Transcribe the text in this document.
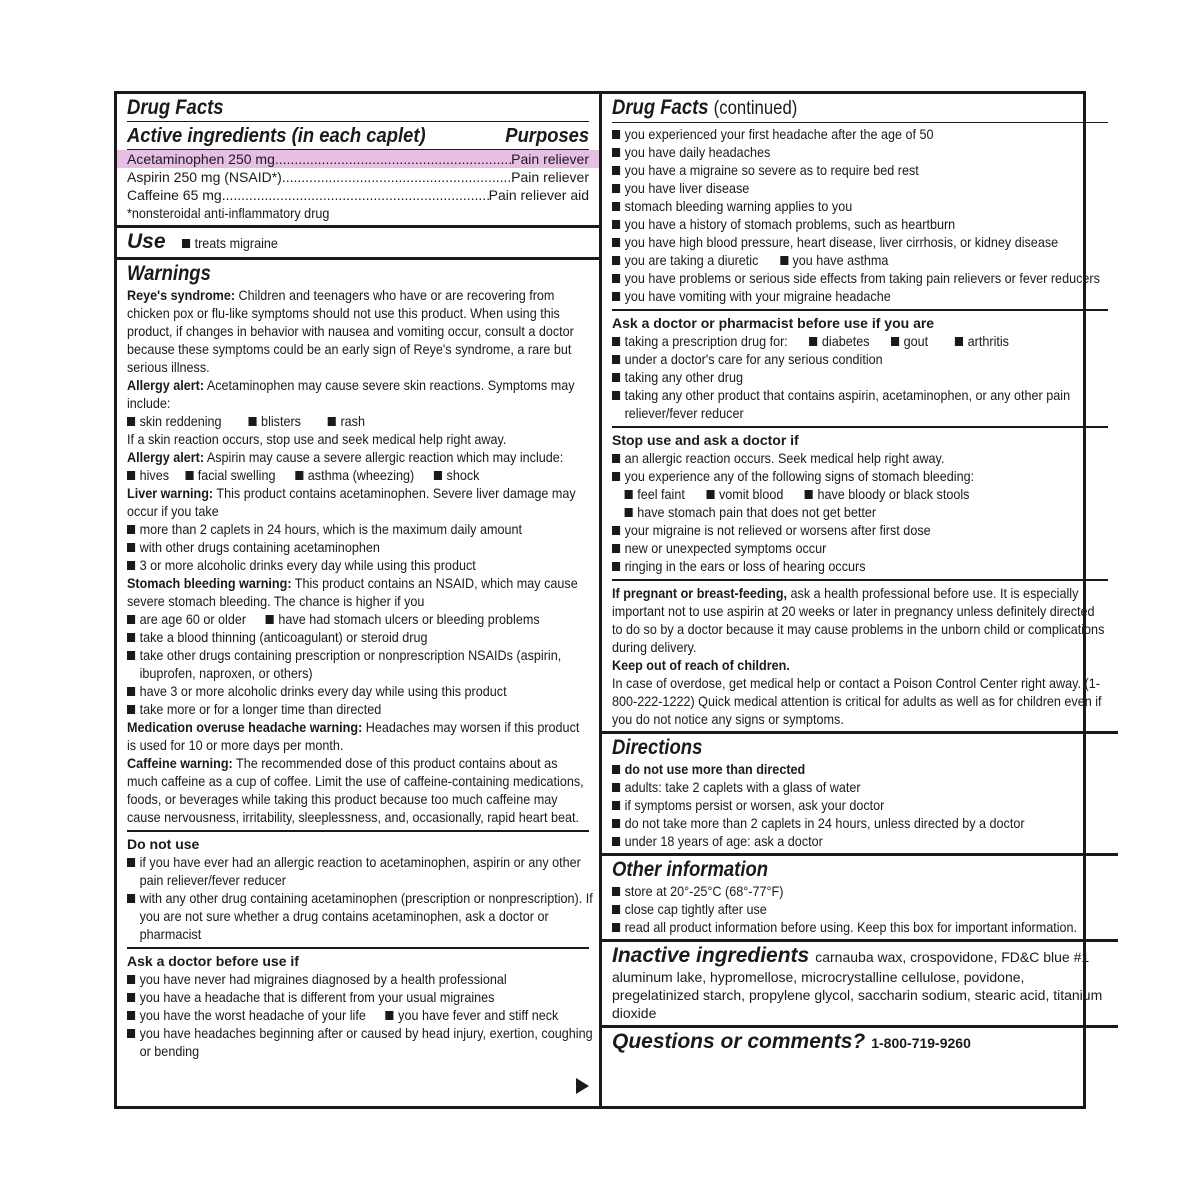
Drug Facts
Active ingredients (in each caplet)	Purposes
Acetaminophen 250 mg .....	Pain reliever
Aspirin 250 mg (NSAID*) .....	Pain reliever
Caffeine 65 mg .....	Pain reliever aid
*nonsteroidal anti-inflammatory drug
Use	treats migraine
Warnings
Reye's syndrome: Children and teenagers who have or are recovering from chicken pox or flu-like symptoms should not use this product. When using this product, if changes in behavior with nausea and vomiting occur, consult a doctor because these symptoms could be an early sign of Reye's syndrome, a rare but serious illness.
Allergy alert: Acetaminophen may cause severe skin reactions. Symptoms may include:
skin reddening	blisters	rash
If a skin reaction occurs, stop use and seek medical help right away.
Allergy alert: Aspirin may cause a severe allergic reaction which may include:
hives facial swelling asthma (wheezing) shock
Liver warning: This product contains acetaminophen. Severe liver damage may occur if you take
more than 2 caplets in 24 hours, which is the maximum daily amount
with other drugs containing acetaminophen
3 or more alcoholic drinks every day while using this product
Stomach bleeding warning: This product contains an NSAID, which may cause severe stomach bleeding. The chance is higher if you
are age 60 or older have had stomach ulcers or bleeding problems
take a blood thinning (anticoagulant) or steroid drug
take other drugs containing prescription or nonprescription NSAIDs (aspirin, ibuprofen, naproxen, or others)
have 3 or more alcoholic drinks every day while using this product
take more or for a longer time than directed
Medication overuse headache warning: Headaches may worsen if this product is used for 10 or more days per month.
Caffeine warning: The recommended dose of this product contains about as much caffeine as a cup of coffee. Limit the use of caffeine-containing medications, foods, or beverages while taking this product because too much caffeine may cause nervousness, irritability, sleeplessness, and, occasionally, rapid heart beat.
Do not use
if you have ever had an allergic reaction to acetaminophen, aspirin or any other pain reliever/fever reducer
with any other drug containing acetaminophen (prescription or nonprescription). If you are not sure whether a drug contains acetaminophen, ask a doctor or pharmacist
Ask a doctor before use if
you have never had migraines diagnosed by a health professional
you have a headache that is different from your usual migraines
you have the worst headache of your life you have fever and stiff neck
you have headaches beginning after or caused by head injury, exertion, coughing or bending
Drug Facts (continued)
you experienced your first headache after the age of 50
you have daily headaches
you have a migraine so severe as to require bed rest
you have liver disease
stomach bleeding warning applies to you
you have a history of stomach problems, such as heartburn
you have high blood pressure, heart disease, liver cirrhosis, or kidney disease
you are taking a diuretic you have asthma
you have problems or serious side effects from taking pain relievers or fever reducers
you have vomiting with your migraine headache
Ask a doctor or pharmacist before use if you are
taking a prescription drug for: diabetes gout	arthritis
under a doctor's care for any serious condition
taking any other drug
taking any other product that contains aspirin, acetaminophen, or any other pain reliever/fever reducer
Stop use and ask a doctor if
an allergic reaction occurs. Seek medical help right away.
you experience any of the following signs of stomach bleeding:
feel faint vomit blood have bloody or black stools
have stomach pain that does not get better
your migraine is not relieved or worsens after first dose
new or unexpected symptoms occur
ringing in the ears or loss of hearing occurs
If pregnant or breast-feeding, ask a health professional before use. It is especially important not to use aspirin at 20 weeks or later in pregnancy unless definitely directed to do so by a doctor because it may cause problems in the unborn child or complications during delivery.
Keep out of reach of children.
In case of overdose, get medical help or contact a Poison Control Center right away. (1-800-222-1222) Quick medical attention is critical for adults as well as for children even if you do not notice any signs or symptoms.
Directions
do not use more than directed
adults: take 2 caplets with a glass of water
if symptoms persist or worsen, ask your doctor
do not take more than 2 caplets in 24 hours, unless directed by a doctor
under 18 years of age: ask a doctor
Other information
store at 20°-25°C (68°-77°F)
close cap tightly after use
read all product information before using. Keep this box for important information.
Inactive ingredients carnauba wax, crospovidone, FD&C blue #1 aluminum lake, hypromellose, microcrystalline cellulose, povidone, pregelatinized starch, propylene glycol, saccharin sodium, stearic acid, titanium dioxide
Questions or comments? 1-800-719-9260
